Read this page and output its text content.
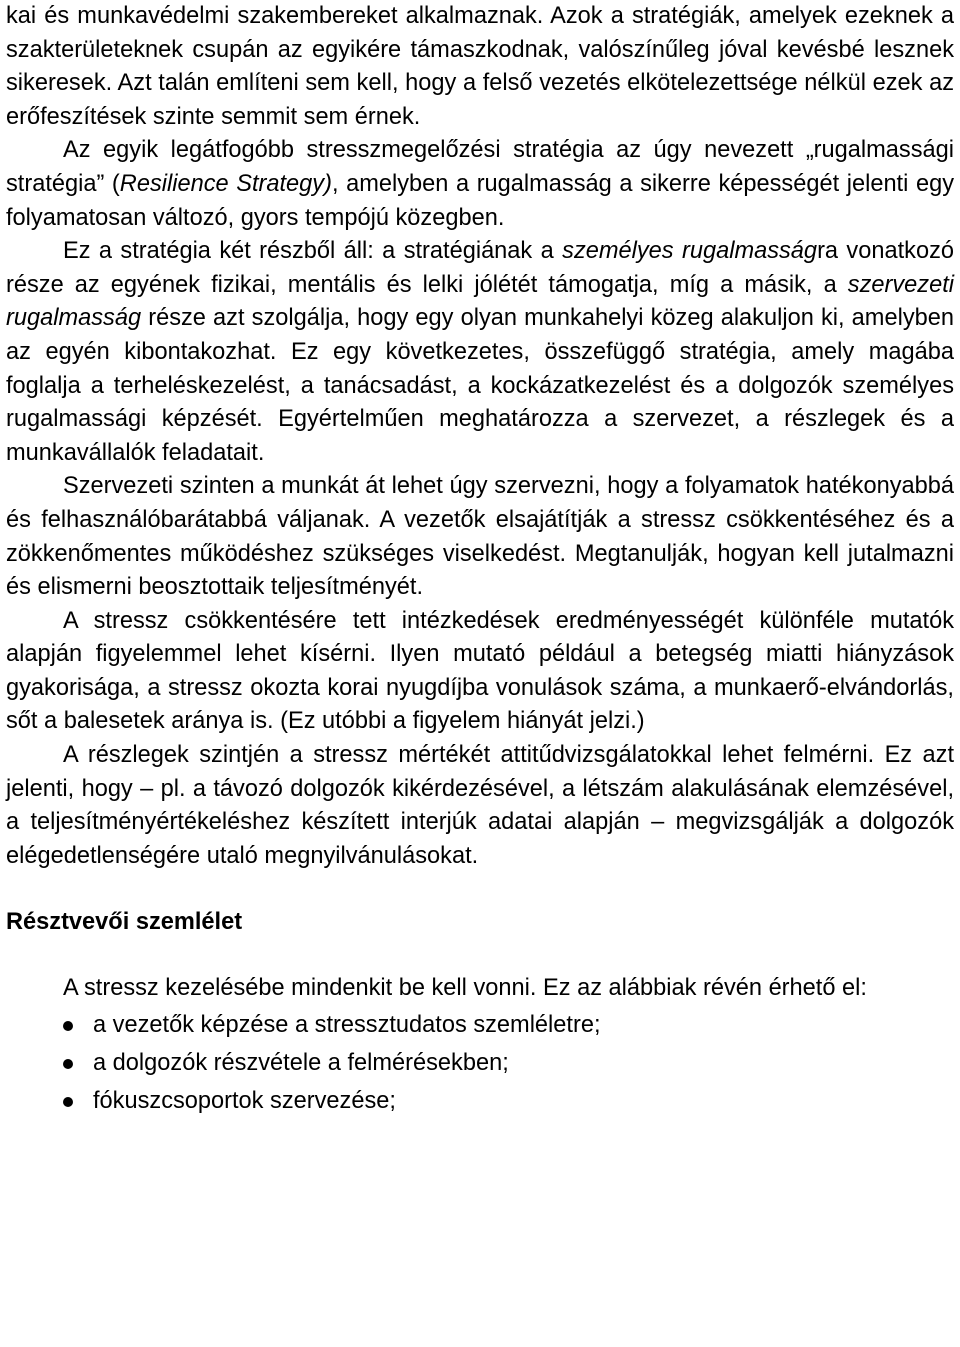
kai és munkavédelmi szakembereket alkalmaznak. Azok a stratégiák, amelyek ezeknek a szakterületeknek csupán az egyikére támaszkodnak, valószínűleg jóval kevésbé lesznek sikeresek. Azt talán említeni sem kell, hogy a felső vezetés elkötelezettsége nélkül ezek az erőfeszítések szinte semmit sem érnek.

Az egyik legátfogóbb stresszmegelőzési stratégia az úgy nevezett „rugalmassági stratégia” (Resilience Strategy), amelyben a rugalmasság a sikerre képességét jelenti egy folyamatosan változó, gyors tempójú közegben.

Ez a stratégia két részből áll: a stratégiának a személyes rugalmasságra vonatkozó része az egyének fizikai, mentális és lelki jólétét támogatja, míg a másik, a szervezeti rugalmasság része azt szolgálja, hogy egy olyan munkahelyi közeg alakuljon ki, amelyben az egyén kibontakozhat. Ez egy következetes, összefüggő stratégia, amely magába foglalja a terheléskezelést, a tanácsadást, a kockázatkezelést és a dolgozók személyes rugalmassági képzését. Egyértelműen meghatározza a szervezet, a részlegek és a munkavállalók feladatait.

Szervezeti szinten a munkát át lehet úgy szervezni, hogy a folyamatok hatékonyabbá és felhasználóbarátabbá váljanak. A vezetők elsajátítják a stressz csökkentéséhez és a zökkenőmentes működéshez szükséges viselkedést. Megtanulják, hogyan kell jutalmazni és elismerni beosztottaik teljesítményét.

A stressz csökkentésére tett intézkedések eredményességét különféle mutatók alapján figyelemmel lehet kísérni. Ilyen mutató például a betegség miatti hiányzások gyakorisága, a stressz okozta korai nyugdíjba vonulások száma, a munkaerő-elvándorlás, sőt a balesetek aránya is. (Ez utóbbi a figyelem hiányát jelzi.)

A részlegek szintjén a stressz mértékét attitűdvizsgálatokkal lehet felmérni. Ez azt jelenti, hogy – pl. a távozó dolgozók kikérdezésével, a létszám alakulásának elemzésével, a teljesítményértékeléshez készített interjúk adatai alapján – megvizsgálják a dolgozók elégedetlenségére utaló megnyilvánulásokat.

Résztvevői szemlélet

A stressz kezelésébe mindenkit be kell vonni. Ez az alábbiak révén érhető el:

a vezetők képzése a stressztudatos szemléletre;
a dolgozók részvétele a felmérésekben;
fókuszcsoportok szervezése;
